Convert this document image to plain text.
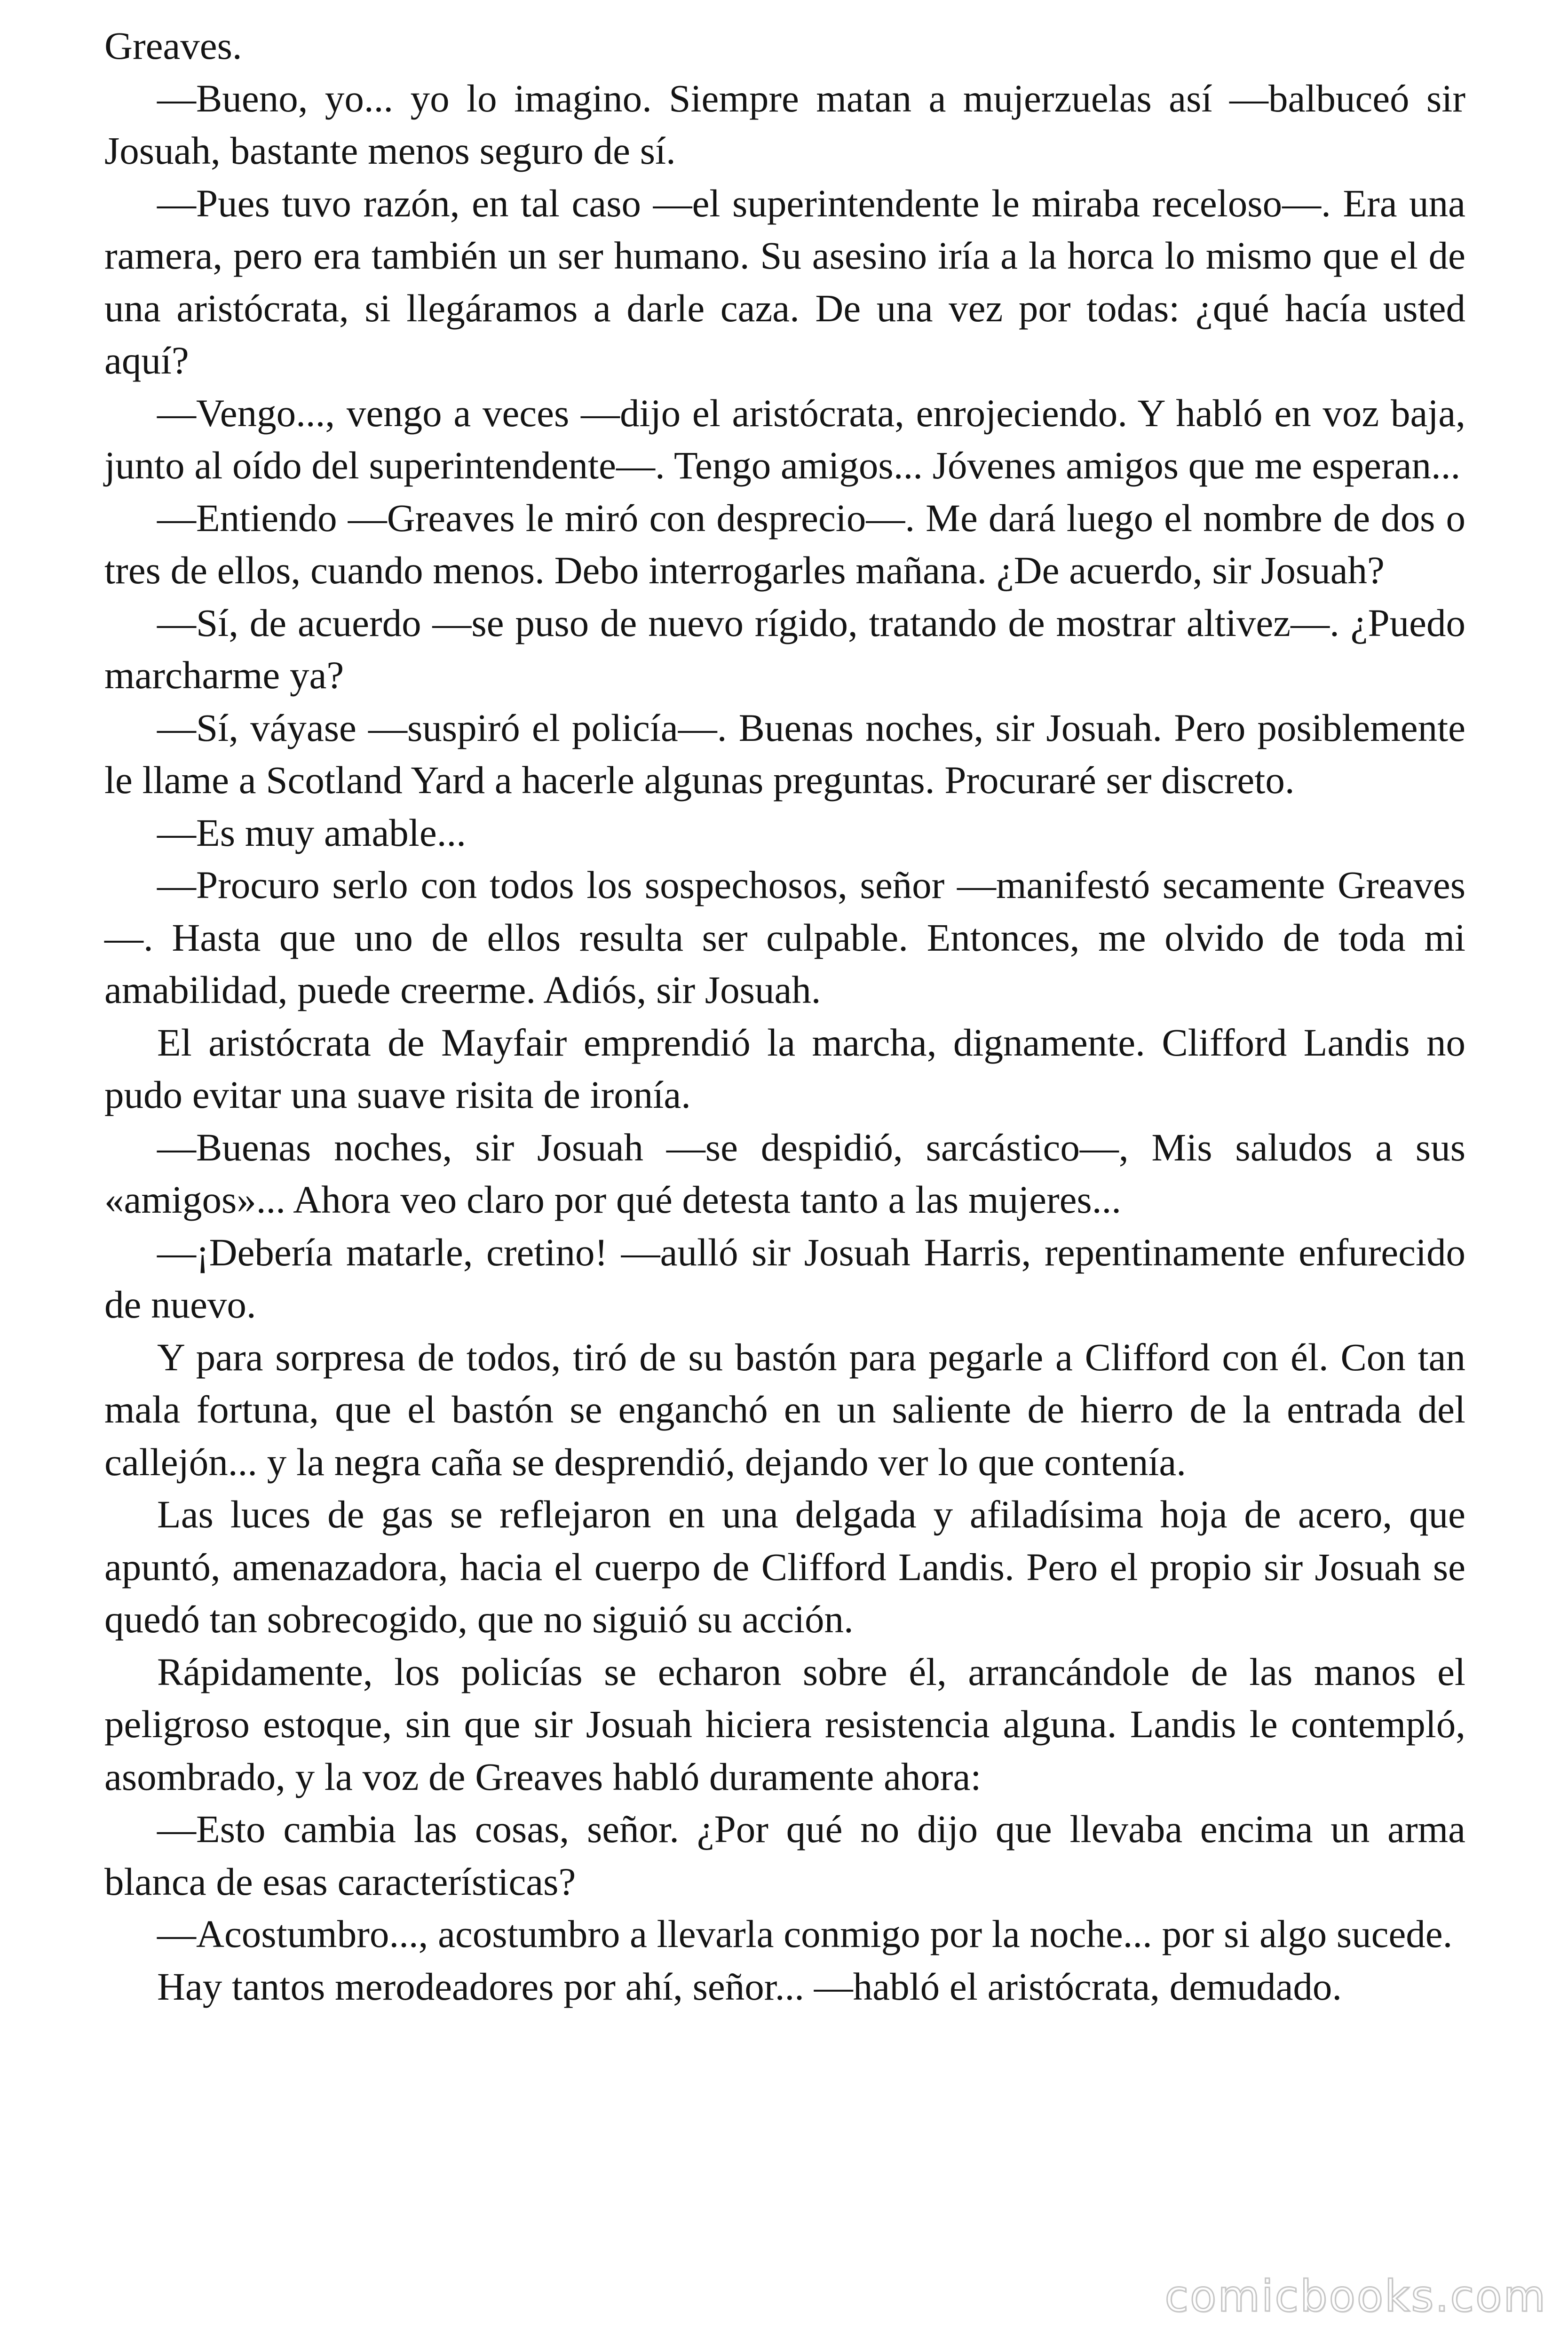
Greaves.

—Bueno, yo... yo lo imagino. Siempre matan a mujerzuelas así —balbuceó sir Josuah, bastante menos seguro de sí.

—Pues tuvo razón, en tal caso —el superintendente le miraba receloso—. Era una ramera, pero era también un ser humano. Su asesino iría a la horca lo mismo que el de una aristócrata, si llegáramos a darle caza. De una vez por todas: ¿qué hacía usted aquí?

—Vengo..., vengo a veces —dijo el aristócrata, enrojeciendo. Y habló en voz baja, junto al oído del superintendente—. Tengo amigos... Jóvenes amigos que me esperan...

—Entiendo —Greaves le miró con desprecio—. Me dará luego el nombre de dos o tres de ellos, cuando menos. Debo interrogarles mañana. ¿De acuerdo, sir Josuah?

—Sí, de acuerdo —se puso de nuevo rígido, tratando de mostrar altivez—. ¿Puedo marcharme ya?

—Sí, váyase —suspiró el policía—. Buenas noches, sir Josuah. Pero posiblemente le llame a Scotland Yard a hacerle algunas preguntas. Procuraré ser discreto.

—Es muy amable...

—Procuro serlo con todos los sospechosos, señor —manifestó secamente Greaves—. Hasta que uno de ellos resulta ser culpable. Entonces, me olvido de toda mi amabilidad, puede creerme. Adiós, sir Josuah.

El aristócrata de Mayfair emprendió la marcha, dignamente. Clifford Landis no pudo evitar una suave risita de ironía.

—Buenas noches, sir Josuah —se despidió, sarcástico—, Mis saludos a sus «amigos»... Ahora veo claro por qué detesta tanto a las mujeres...

—¡Debería matarle, cretino! —aulló sir Josuah Harris, repentinamente enfurecido de nuevo.

Y para sorpresa de todos, tiró de su bastón para pegarle a Clifford con él. Con tan mala fortuna, que el bastón se enganchó en un saliente de hierro de la entrada del callejón... y la negra caña se desprendió, dejando ver lo que contenía.

Las luces de gas se reflejaron en una delgada y afiladísima hoja de acero, que apuntó, amenazadora, hacia el cuerpo de Clifford Landis. Pero el propio sir Josuah se quedó tan sobrecogido, que no siguió su acción.

Rápidamente, los policías se echaron sobre él, arrancándole de las manos el peligroso estoque, sin que sir Josuah hiciera resistencia alguna. Landis le contempló, asombrado, y la voz de Greaves habló duramente ahora:

—Esto cambia las cosas, señor. ¿Por qué no dijo que llevaba encima un arma blanca de esas características?

—Acostumbro..., acostumbro a llevarla conmigo por la noche... por si algo sucede.

Hay tantos merodeadores por ahí, señor... —habló el aristócrata, demudado.

comicbooks.com
